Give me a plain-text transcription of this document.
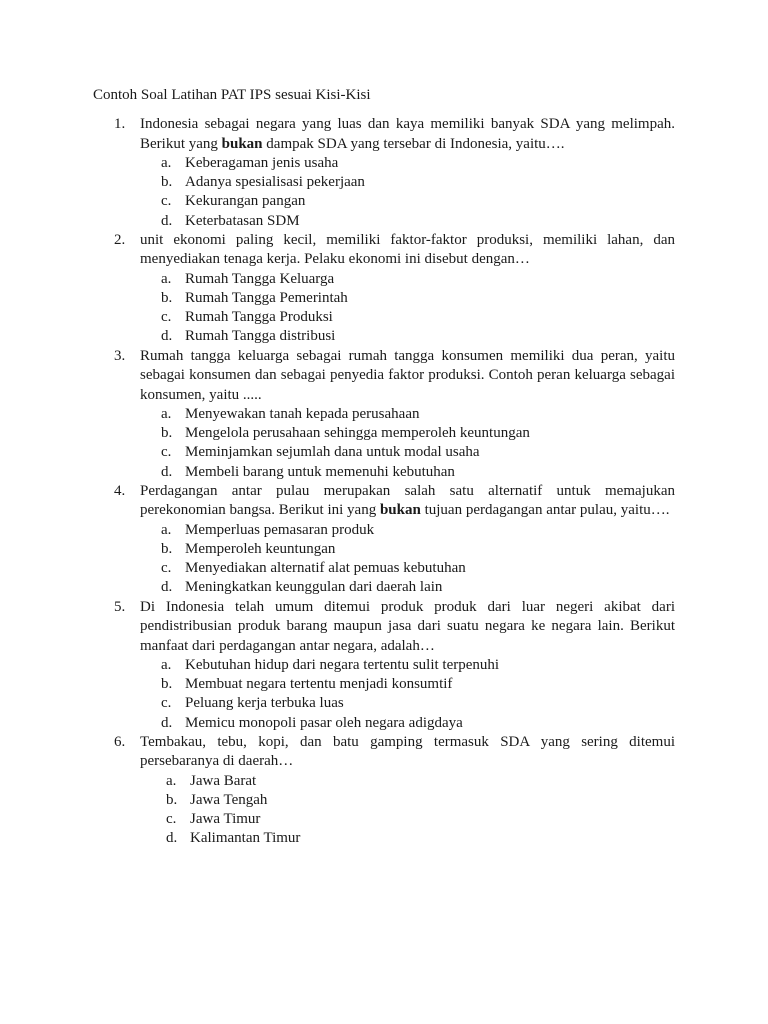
Contoh Soal Latihan PAT IPS sesuai Kisi-Kisi
1. Indonesia sebagai negara yang luas dan kaya memiliki banyak SDA yang melimpah. Berikut yang bukan dampak SDA yang tersebar di Indonesia, yaitu….
a. Keberagaman jenis usaha
b. Adanya spesialisasi pekerjaan
c. Kekurangan pangan
d. Keterbatasan SDM
2. unit ekonomi paling kecil, memiliki faktor-faktor produksi, memiliki lahan, dan menyediakan tenaga kerja. Pelaku ekonomi ini disebut dengan…
a. Rumah Tangga Keluarga
b. Rumah Tangga Pemerintah
c. Rumah Tangga Produksi
d. Rumah Tangga distribusi
3. Rumah tangga keluarga sebagai rumah tangga konsumen memiliki dua peran, yaitu sebagai konsumen dan sebagai penyedia faktor produksi. Contoh peran keluarga sebagai konsumen, yaitu .....
a. Menyewakan tanah kepada perusahaan
b. Mengelola perusahaan sehingga memperoleh keuntungan
c. Meminjamkan sejumlah dana untuk modal usaha
d. Membeli barang untuk memenuhi kebutuhan
4. Perdagangan antar pulau merupakan salah satu alternatif untuk memajukan perekonomian bangsa. Berikut ini yang bukan tujuan perdagangan antar pulau, yaitu….
a. Memperluas pemasaran produk
b. Memperoleh keuntungan
c. Menyediakan alternatif alat pemuas kebutuhan
d. Meningkatkan keunggulan dari daerah lain
5. Di Indonesia telah umum ditemui produk produk dari luar negeri akibat dari pendistribusian produk barang maupun jasa dari suatu negara ke negara lain. Berikut manfaat dari perdagangan antar negara, adalah…
a. Kebutuhan hidup dari negara tertentu sulit terpenuhi
b. Membuat negara tertentu menjadi konsumtif
c. Peluang kerja terbuka luas
d. Memicu monopoli pasar oleh negara adigdaya
6. Tembakau, tebu, kopi, dan batu gamping termasuk SDA yang sering ditemui persebaranya di daerah…
a. Jawa Barat
b. Jawa Tengah
c. Jawa Timur
d. Kalimantan Timur
